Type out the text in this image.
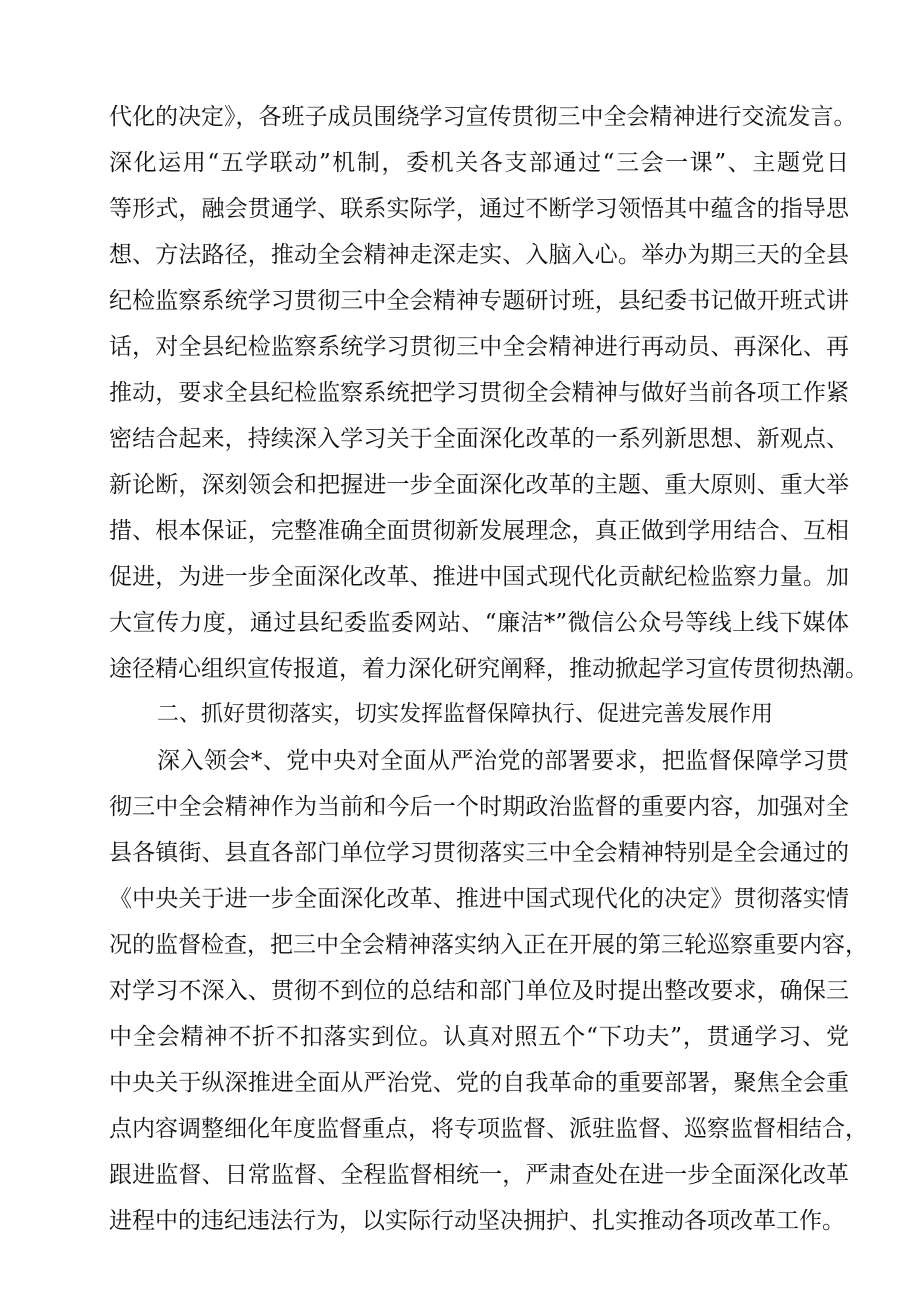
代化的决定》，各班子成员围绕学习宣传贯彻三中全会精神进行交流发言。
深化运用“五学联动”机制，委机关各支部通过“三会一课”、主题党日
等形式，融会贯通学、联系实际学，通过不断学习领悟其中蕴含的指导思
想、方法路径，推动全会精神走深走实、入脑入心。举办为期三天的全县
纪检监察系统学习贯彻三中全会精神专题研讨班，县纪委书记做开班式讲
话，对全县纪检监察系统学习贯彻三中全会精神进行再动员、再深化、再
推动，要求全县纪检监察系统把学习贯彻全会精神与做好当前各项工作紧
密结合起来，持续深入学习关于全面深化改革的一系列新思想、新观点、
新论断，深刻领会和把握进一步全面深化改革的主题、重大原则、重大举
措、根本保证，完整准确全面贯彻新发展理念，真正做到学用结合、互相
促进，为进一步全面深化改革、推进中国式现代化贡献纪检监察力量。加
大宣传力度，通过县纪委监委网站、“廉洁*”微信公众号等线上线下媒体
途径精心组织宣传报道，着力深化研究阐释，推动掀起学习宣传贯彻热潮。
二、抓好贯彻落实，切实发挥监督保障执行、促进完善发展作用
深入领会*、党中央对全面从严治党的部署要求，把监督保障学习贯
彻三中全会精神作为当前和今后一个时期政治监督的重要内容，加强对全
县各镇街、县直各部门单位学习贯彻落实三中全会精神特别是全会通过的
《中央关于进一步全面深化改革、推进中国式现代化的决定》贯彻落实情
况的监督检查，把三中全会精神落实纳入正在开展的第三轮巡察重要内容，
对学习不深入、贯彻不到位的总结和部门单位及时提出整改要求，确保三
中全会精神不折不扣落实到位。认真对照五个“下功夫”，贯通学习、党
中央关于纵深推进全面从严治党、党的自我革命的重要部署，聚焦全会重
点内容调整细化年度监督重点，将专项监督、派驻监督、巡察监督相结合，
跟进监督、日常监督、全程监督相统一，严肃查处在进一步全面深化改革
进程中的违纪违法行为，以实际行动坚决拥护、扎实推动各项改革工作。
